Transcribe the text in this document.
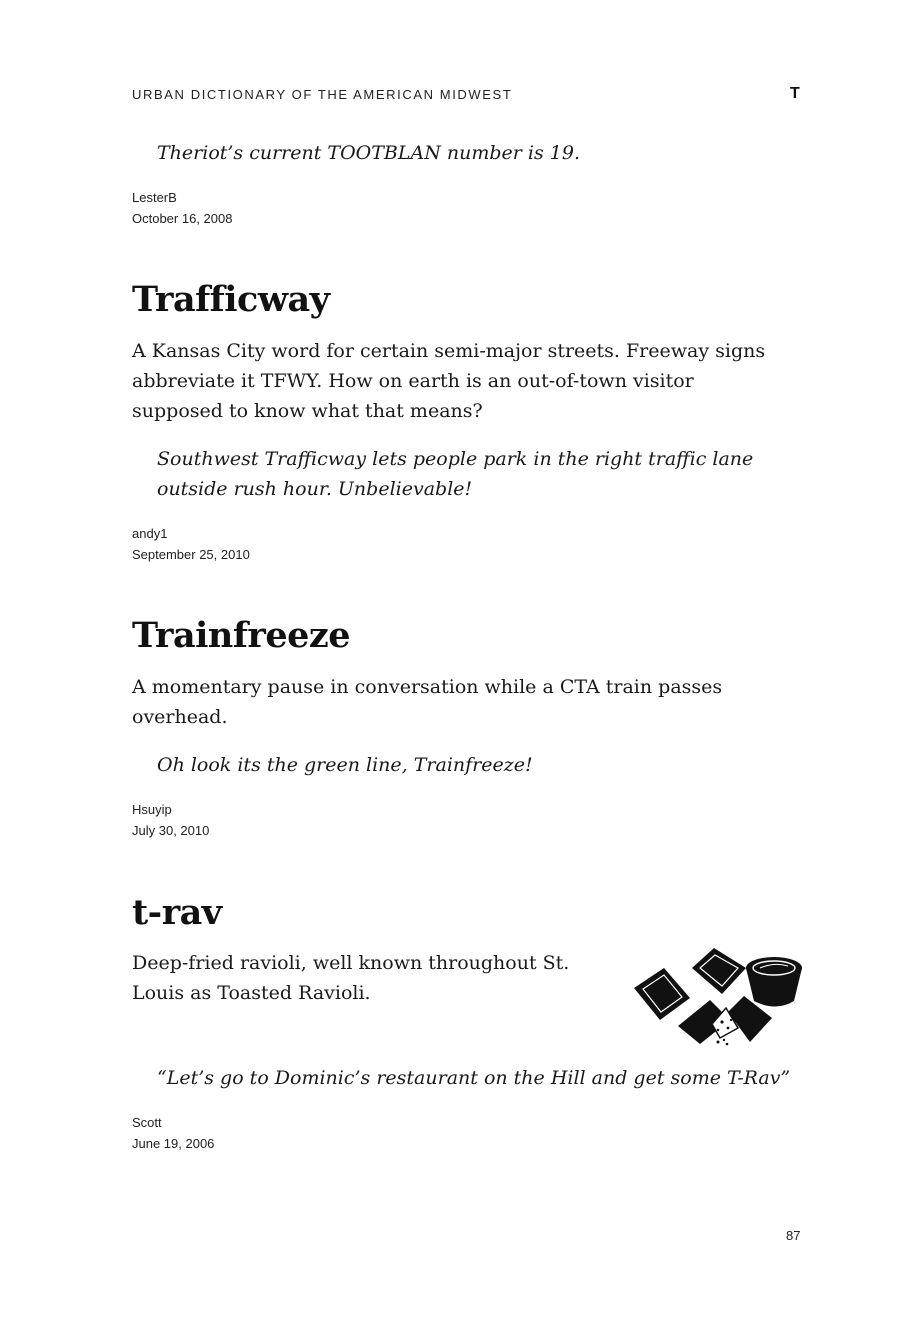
URBAN DICTIONARY OF THE AMERICAN MIDWEST	T

Theriot’s current TOOTBLAN number is 19.

LesterB
October 16, 2008
Trafficway

A Kansas City word for certain semi-major streets. Freeway signs abbreviate it TFWY. How on earth is an out-of-town visitor supposed to know what that means?

Southwest Trafficway lets people park in the right traffic lane outside rush hour. Unbelievable!

andy1
September 25, 2010
Trainfreeze

A momentary pause in conversation while a CTA train passes overhead.

Oh look its the green line, Trainfreeze!

Hsuyip
July 30, 2010
t-rav

Deep-fried ravioli, well known throughout St. Louis as Toasted Ravioli.

“Let’s go to Dominic’s restaurant on the Hill and get some T-Rav”

Scott
June 19, 2006
87
